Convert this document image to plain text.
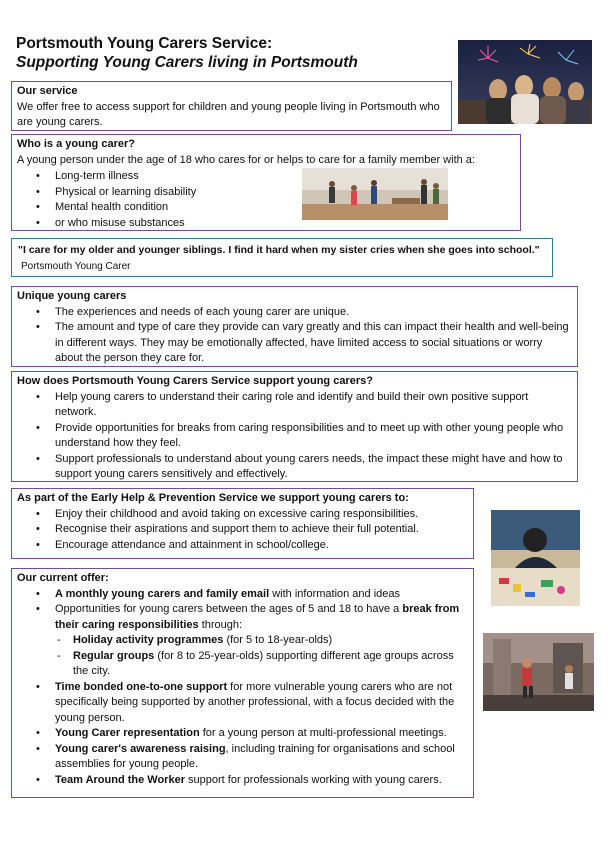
Portsmouth Young Carers Service:
Supporting Young Carers living in Portsmouth

Our service

We offer free to access support for children and young people living in Portsmouth who are young carers.

Who is a young carer?

A young person under the age of 18 who cares for or helps to care for a family member with a:

• Long-term illness
• Physical or learning disability
• Mental health condition
• or who misuse substances

"I care for my older and younger siblings. I find it hard when my sister cries when she goes into school."

Portsmouth Young Carer

Unique young carers

• The experiences and needs of each young carer are unique.
• The amount and type of care they provide can vary greatly and this can impact their health and well-being in different ways. They may be emotionally affected, have limited access to social situations or worry about the person they care for.

How does Portsmouth Young Carers Service support young carers?

• Help young carers to understand their caring role and identify and build their own positive support network.
• Provide opportunities for breaks from caring responsibilities and to meet up with other young people who understand how they feel.
• Support professionals to understand about young carers needs, the impact these might have and how to support young carers sensitively and effectively.

As part of the Early Help & Prevention Service we support young carers to:

• Enjoy their childhood and avoid taking on excessive caring responsibilities.
• Recognise their aspirations and support them to achieve their full potential.
• Encourage attendance and attainment in school/college.

Our current offer:

• A monthly young carers and family email with information and ideas
• Opportunities for young carers between the ages of 5 and 18 to have a break from their caring responsibilities through:
- Holiday activity programmes (for 5 to 18-year-olds)
- Regular groups (for 8 to 25-year-olds) supporting different age groups across the city.
• Time bonded one-to-one support for more vulnerable young carers who are not specifically being supported by another professional, with a focus decided with the young person.
• Young Carer representation for a young person at multi-professional meetings.
• Young carer's awareness raising, including training for organisations and school assemblies for young people.
• Team Around the Worker support for professionals working with young carers.
